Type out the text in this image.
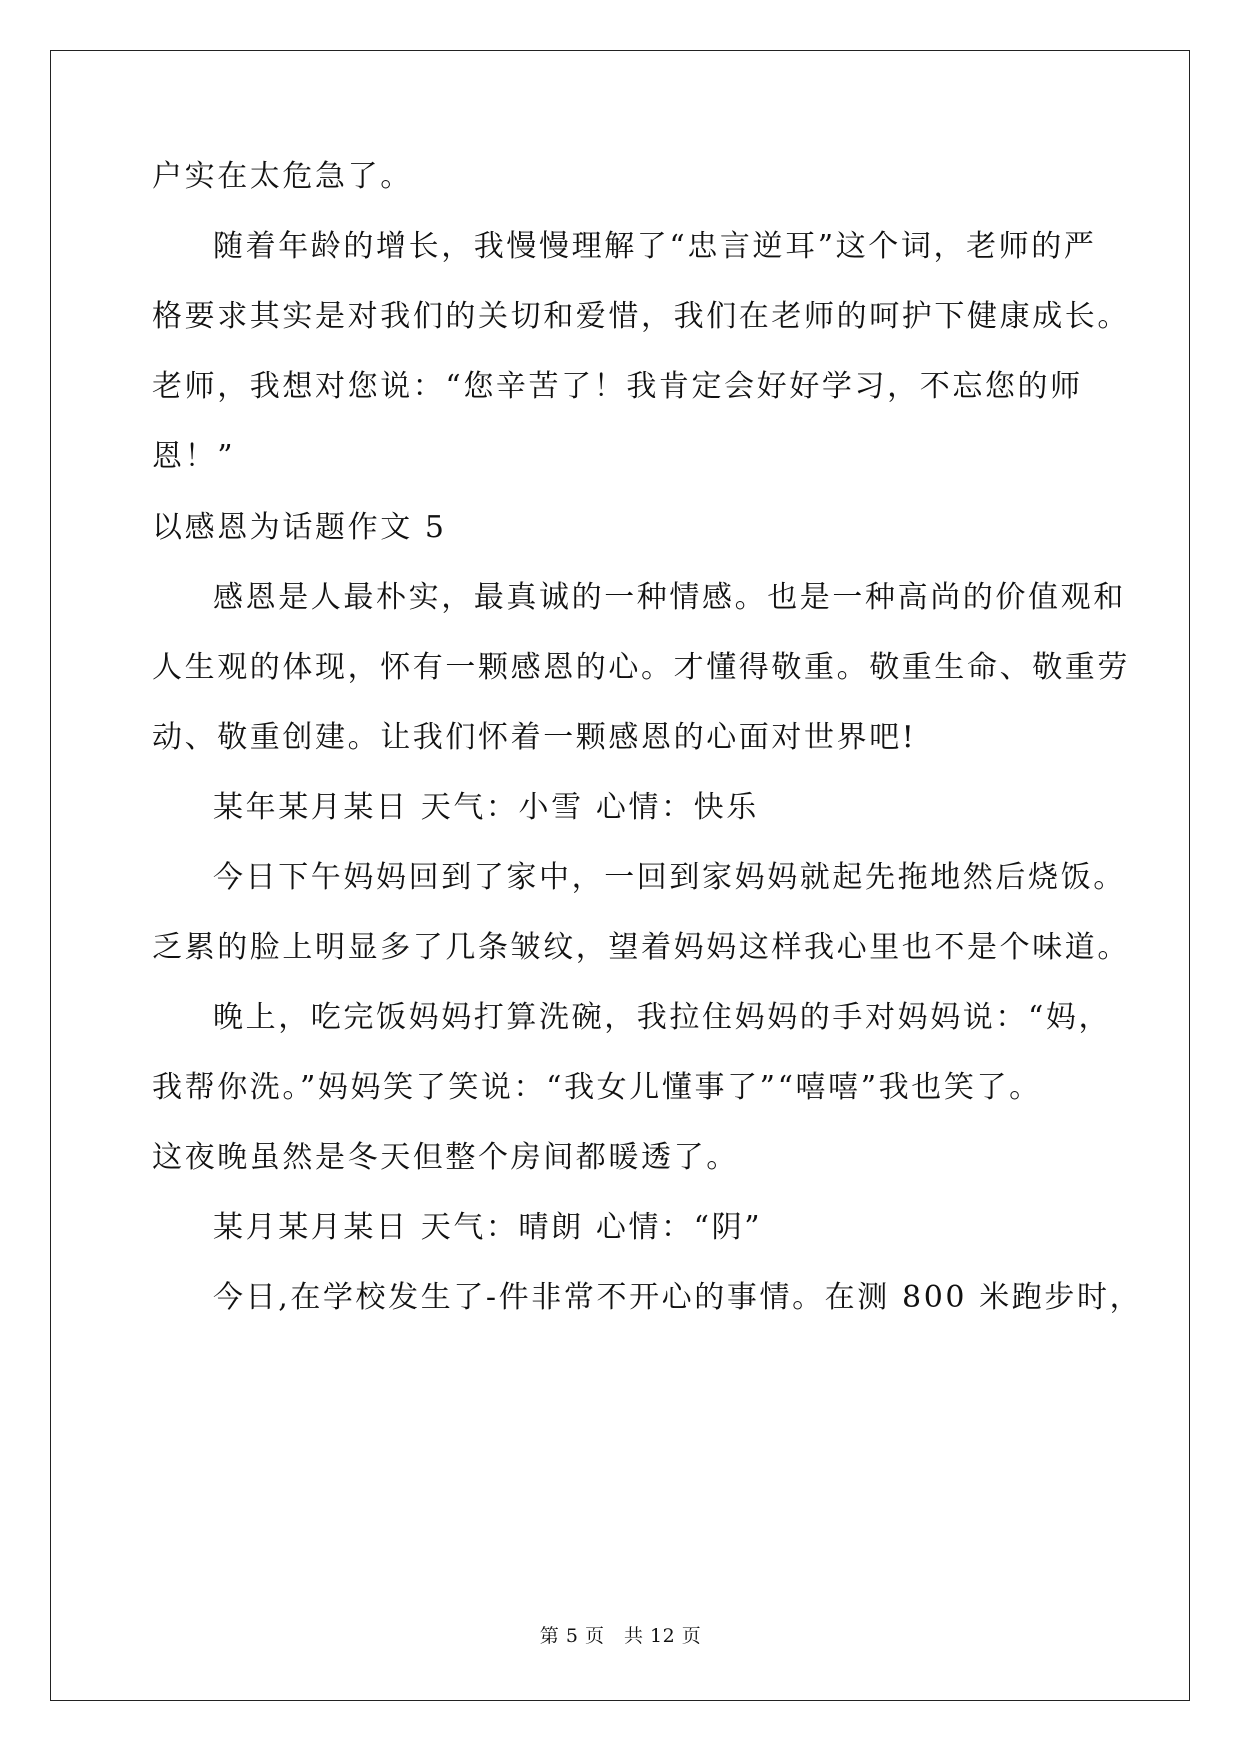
户实在太危急了。
随着年龄的增长，我慢慢理解了“忠言逆耳”这个词，老师的严
格要求其实是对我们的关切和爱惜，我们在老师的呵护下健康成长。
老师，我想对您说：“您辛苦了！我肯定会好好学习，不忘您的师
恩！”
以感恩为话题作文 5
感恩是人最朴实，最真诚的一种情感。也是一种高尚的价值观和
人生观的体现，怀有一颗感恩的心。才懂得敬重。敬重生命、敬重劳
动、敬重创建。让我们怀着一颗感恩的心面对世界吧!
某年某月某日 天气：小雪 心情：快乐
今日下午妈妈回到了家中，一回到家妈妈就起先拖地然后烧饭。
乏累的脸上明显多了几条皱纹，望着妈妈这样我心里也不是个味道。
晚上，吃完饭妈妈打算洗碗，我拉住妈妈的手对妈妈说：“妈，
我帮你洗。”妈妈笑了笑说：“我女儿懂事了”“嘻嘻”我也笑了。
这夜晚虽然是冬天但整个房间都暖透了。
某月某月某日 天气：晴朗 心情：“阴”
今日,在学校发生了-件非常不开心的事情。在测 800 米跑步时，
第 5 页　共 12 页
